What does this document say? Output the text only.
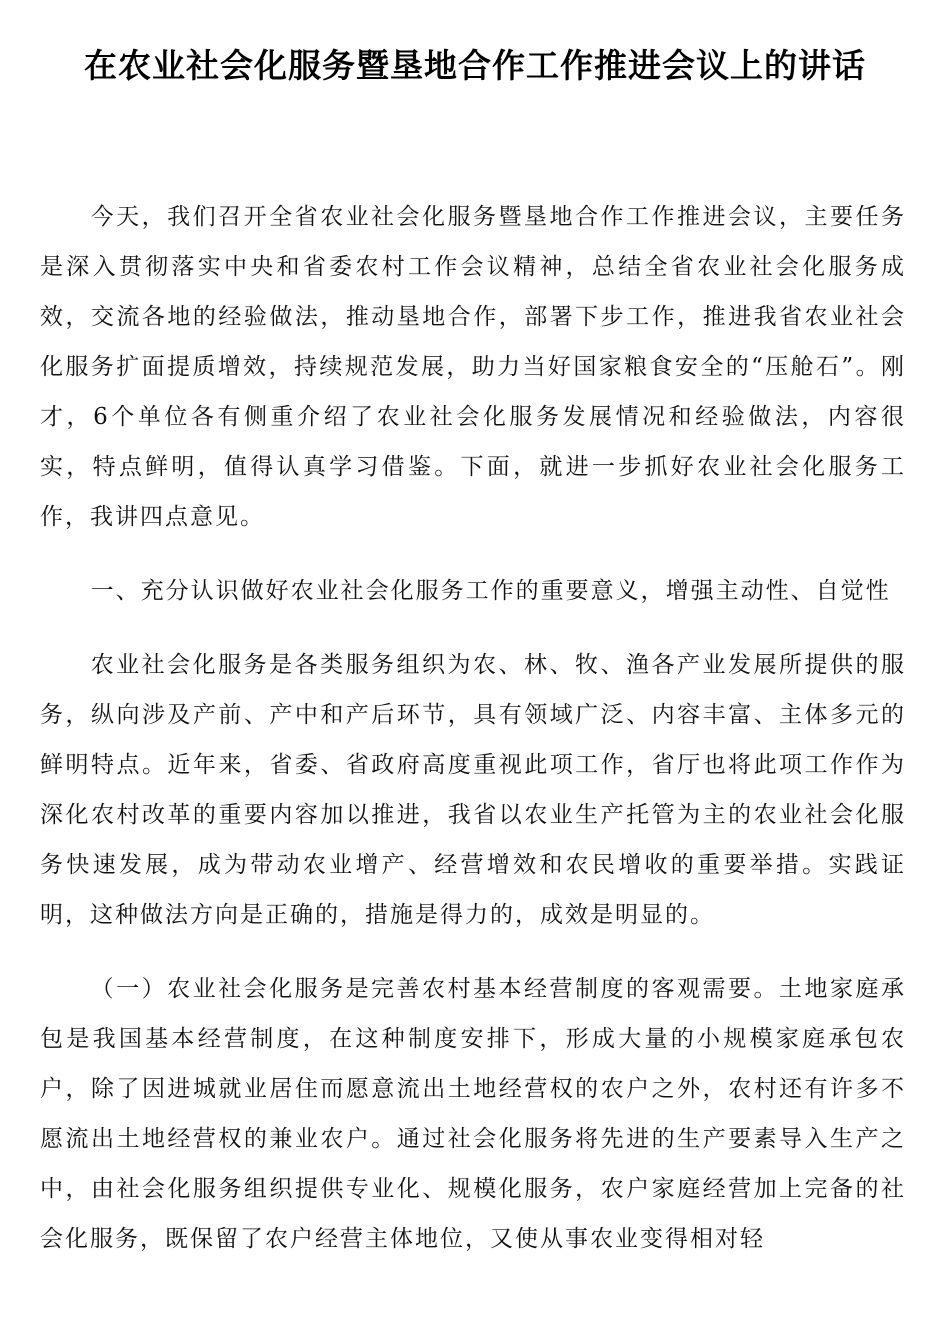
在农业社会化服务暨垦地合作工作推进会议上的讲话

今天，我们召开全省农业社会化服务暨垦地合作工作推进会议，主要任务是深入贯彻落实中央和省委农村工作会议精神，总结全省农业社会化服务成效，交流各地的经验做法，推动垦地合作，部署下步工作，推进我省农业社会化服务扩面提质增效，持续规范发展，助力当好国家粮食安全的“压舱石”。刚才，6个单位各有侧重介绍了农业社会化服务发展情况和经验做法，内容很实，特点鲜明，值得认真学习借鉴。下面，就进一步抓好农业社会化服务工作，我讲四点意见。

一、充分认识做好农业社会化服务工作的重要意义，增强主动性、自觉性

农业社会化服务是各类服务组织为农、林、牧、渔各产业发展所提供的服务，纵向涉及产前、产中和产后环节，具有领域广泛、内容丰富、主体多元的鲜明特点。近年来，省委、省政府高度重视此项工作，省厅也将此项工作作为深化农村改革的重要内容加以推进，我省以农业生产托管为主的农业社会化服务快速发展，成为带动农业增产、经营增效和农民增收的重要举措。实践证明，这种做法方向是正确的，措施是得力的，成效是明显的。

（一）农业社会化服务是完善农村基本经营制度的客观需要。土地家庭承包是我国基本经营制度，在这种制度安排下，形成大量的小规模家庭承包农户，除了因进城就业居住而愿意流出土地经营权的农户之外，农村还有许多不愿流出土地经营权的兼业农户。通过社会化服务将先进的生产要素导入生产之中，由社会化服务组织提供专业化、规模化服务，农户家庭经营加上完备的社会化服务，既保留了农户经营主体地位，又使从事农业变得相对轻
